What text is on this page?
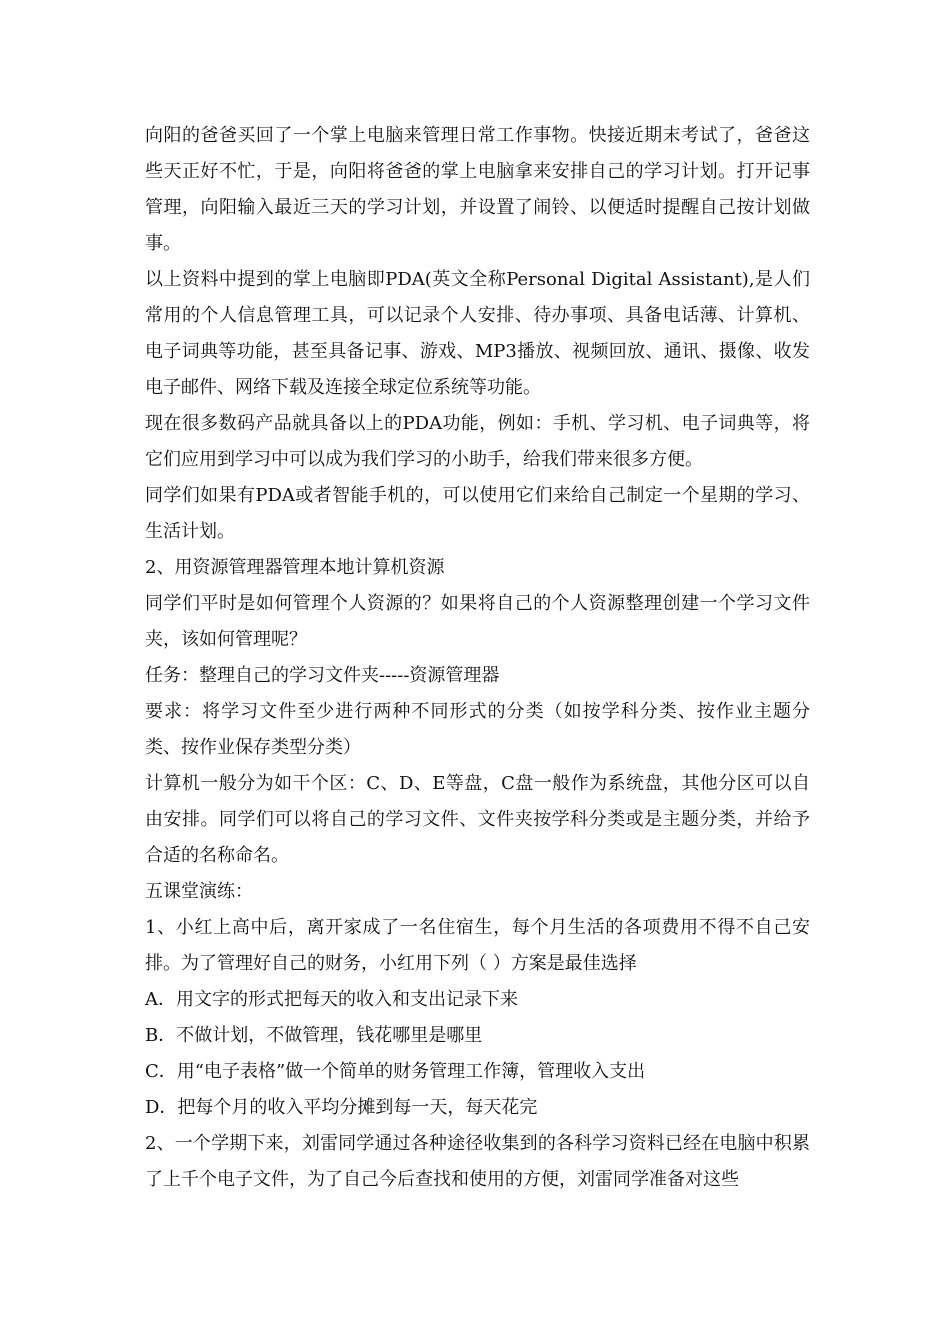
向阳的爸爸买回了一个掌上电脑来管理日常工作事物。快接近期末考试了，爸爸这些天正好不忙，于是，向阳将爸爸的掌上电脑拿来安排自己的学习计划。打开记事管理，向阳输入最近三天的学习计划，并设置了闹铃、以便适时提醒自己按计划做事。

以上资料中提到的掌上电脑即PDA(英文全称Personal Digital Assistant),是人们常用的个人信息管理工具，可以记录个人安排、待办事项、具备电话薄、计算机、电子词典等功能，甚至具备记事、游戏、MP3播放、视频回放、通讯、摄像、收发电子邮件、网络下载及连接全球定位系统等功能。

现在很多数码产品就具备以上的PDA功能，例如：手机、学习机、电子词典等，将它们应用到学习中可以成为我们学习的小助手，给我们带来很多方便。

同学们如果有PDA或者智能手机的，可以使用它们来给自己制定一个星期的学习、生活计划。

2、用资源管理器管理本地计算机资源

同学们平时是如何管理个人资源的？如果将自己的个人资源整理创建一个学习文件夹，该如何管理呢？

任务：整理自己的学习文件夹-----资源管理器

要求：将学习文件至少进行两种不同形式的分类（如按学科分类、按作业主题分类、按作业保存类型分类）

计算机一般分为如干个区：C、D、E等盘，C盘一般作为系统盘，其他分区可以自由安排。同学们可以将自己的学习文件、文件夹按学科分类或是主题分类，并给予合适的名称命名。

五课堂演练：

1、小红上高中后，离开家成了一名住宿生，每个月生活的各项费用不得不自己安排。为了管理好自己的财务，小红用下列（ ）方案是最佳选择

A．用文字的形式把每天的收入和支出记录下来

B．不做计划，不做管理，钱花哪里是哪里

C．用“电子表格”做一个简单的财务管理工作簿，管理收入支出

D．把每个月的收入平均分摊到每一天，每天花完

2、一个学期下来，刘雷同学通过各种途径收集到的各科学习资料已经在电脑中积累了上千个电子文件，为了自己今后查找和使用的方便，刘雷同学准备对这些
